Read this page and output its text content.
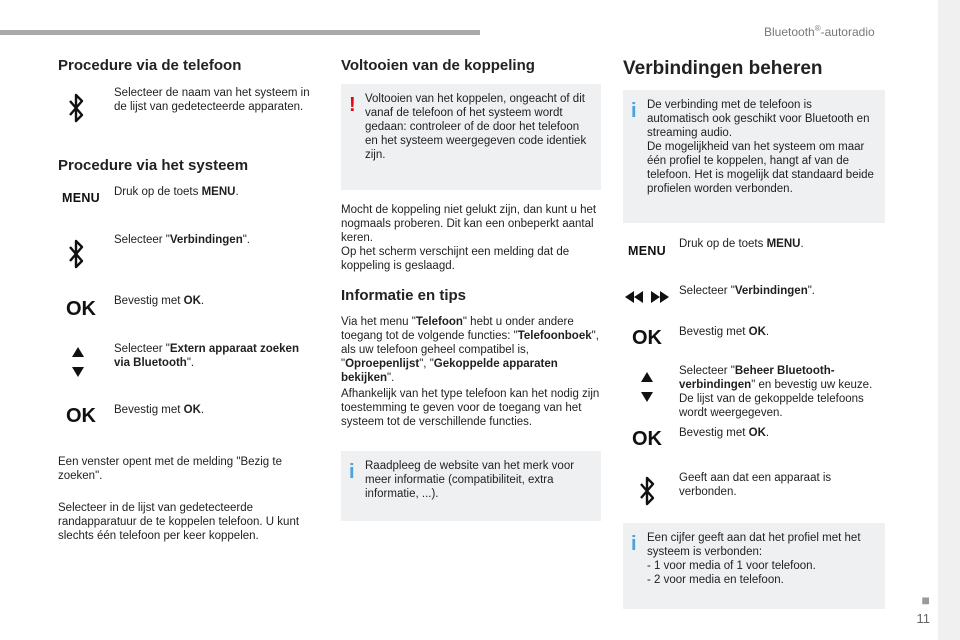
Bluetooth®-autoradio
■
11
Procedure via de telefoon
Selecteer de naam van het systeem in de lijst van gedetecteerde apparaten.
Procedure via het systeem
MENU	Druk op de toets MENU.
Selecteer "Verbindingen".
OK	Bevestig met OK.
Selecteer "Extern apparaat zoeken via Bluetooth".
OK	Bevestig met OK.
Een venster opent met de melding "Bezig te zoeken".
Selecteer in de lijst van gedetecteerde randapparatuur de te koppelen telefoon. U kunt slechts één telefoon per keer koppelen.
Voltooien van de koppeling
! Voltooien van het koppelen, ongeacht of dit vanaf de telefoon of het systeem wordt gedaan: controleer of de door het telefoon en het systeem weergegeven code identiek zijn.
Mocht de koppeling niet gelukt zijn, dan kunt u het nogmaals proberen. Dit kan een onbeperkt aantal keren.
Op het scherm verschijnt een melding dat de koppeling is geslaagd.
Informatie en tips
Via het menu "Telefoon" hebt u onder andere toegang tot de volgende functies: "Telefoonboek", als uw telefoon geheel compatibel is, "Oproepenlijst", "Gekoppelde apparaten bekijken".
Afhankelijk van het type telefoon kan het nodig zijn toestemming te geven voor de toegang van het systeem tot de verschillende functies.
i Raadpleeg de website van het merk voor meer informatie (compatibiliteit, extra informatie, ...).
Verbindingen beheren
i De verbinding met de telefoon is automatisch ook geschikt voor Bluetooth en streaming audio.
De mogelijkheid van het systeem om maar één profiel te koppelen, hangt af van de telefoon. Het is mogelijk dat standaard beide profielen worden verbonden.
MENU	Druk op de toets MENU.
Selecteer "Verbindingen".
OK	Bevestig met OK.
Selecteer "Beheer Bluetooth-verbindingen" en bevestig uw keuze. De lijst van de gekoppelde telefoons wordt weergegeven.
OK	Bevestig met OK.
Geeft aan dat een apparaat is verbonden.
i Een cijfer geeft aan dat het profiel met het systeem is verbonden:
- 1 voor media of 1 voor telefoon.
- 2 voor media en telefoon.
